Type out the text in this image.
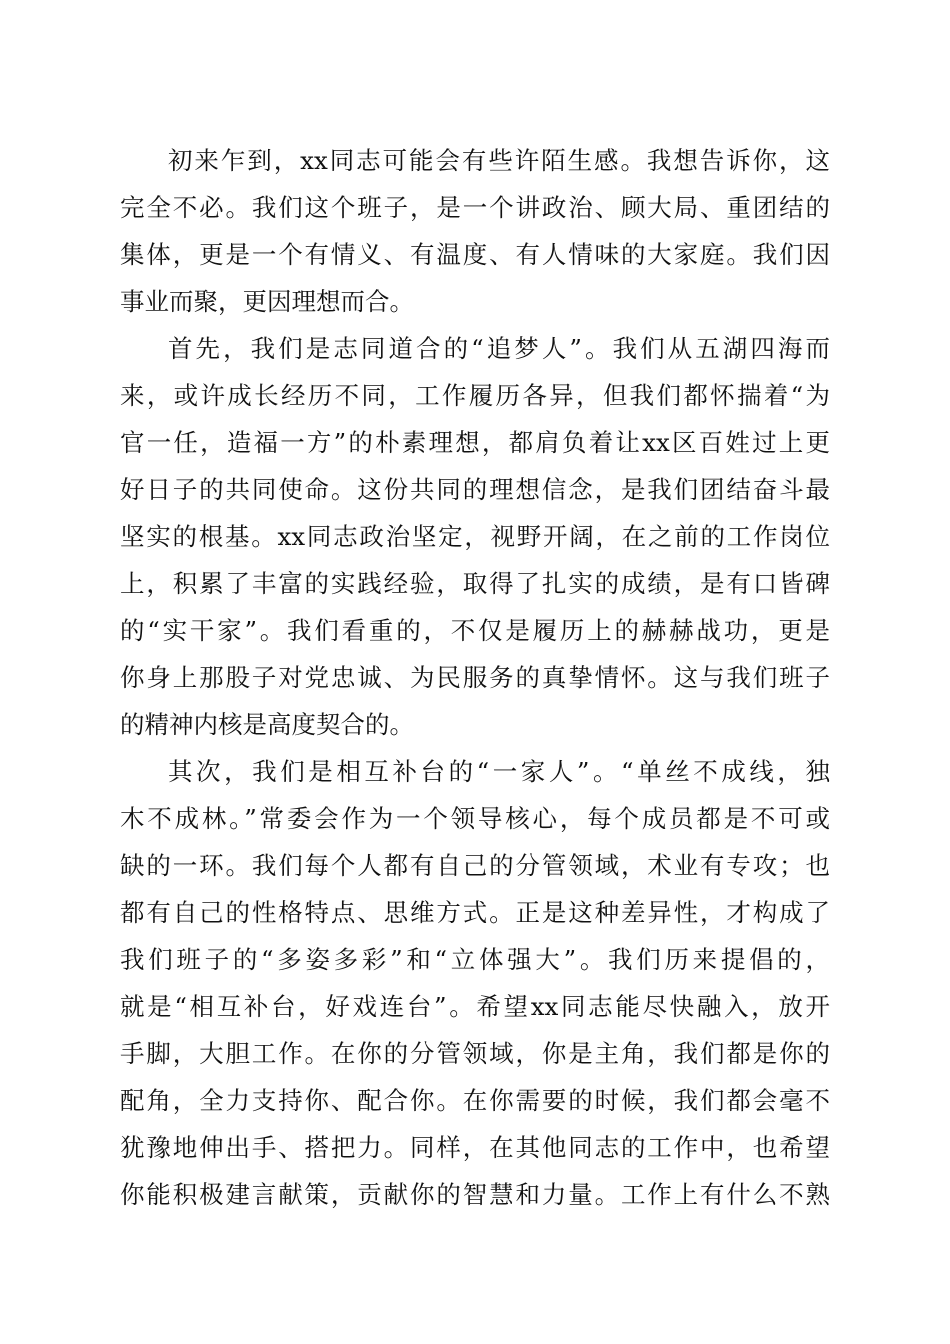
初来乍到，xx同志可能会有些许陌生感。我想告诉你，这
完全不必。我们这个班子，是一个讲政治、顾大局、重团结的
集体，更是一个有情义、有温度、有人情味的大家庭。我们因
事业而聚，更因理想而合。
首先，我们是志同道合的“追梦人”。我们从五湖四海而
来，或许成长经历不同，工作履历各异，但我们都怀揣着“为
官一任，造福一方”的朴素理想，都肩负着让xx区百姓过上更
好日子的共同使命。这份共同的理想信念，是我们团结奋斗最
坚实的根基。xx同志政治坚定，视野开阔，在之前的工作岗位
上，积累了丰富的实践经验，取得了扎实的成绩，是有口皆碑
的“实干家”。我们看重的，不仅是履历上的赫赫战功，更是
你身上那股子对党忠诚、为民服务的真挚情怀。这与我们班子
的精神内核是高度契合的。
其次，我们是相互补台的“一家人”。“单丝不成线，独
木不成林。”常委会作为一个领导核心，每个成员都是不可或
缺的一环。我们每个人都有自己的分管领域，术业有专攻；也
都有自己的性格特点、思维方式。正是这种差异性，才构成了
我们班子的“多姿多彩”和“立体强大”。我们历来提倡的，
就是“相互补台，好戏连台”。希望xx同志能尽快融入，放开
手脚，大胆工作。在你的分管领域，你是主角，我们都是你的
配角，全力支持你、配合你。在你需要的时候，我们都会毫不
犹豫地伸出手、搭把力。同样，在其他同志的工作中，也希望
你能积极建言献策，贡献你的智慧和力量。工作上有什么不熟
